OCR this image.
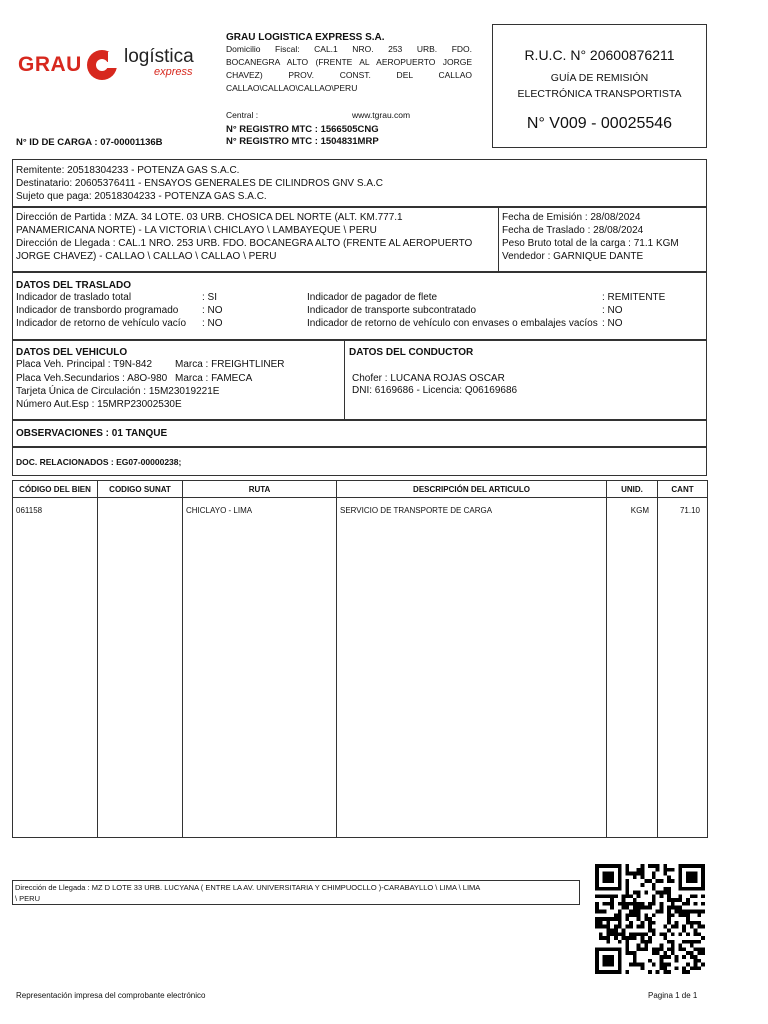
GRAU logística
express
GRAU LOGISTICA EXPRESS S.A.
Domicilio Fiscal: CAL.1 NRO. 253 URB. FDO.
BOCANEGRA ALTO (FRENTE AL AEROPUERTO JORGE
CHAVEZ) PROV. CONST. DEL CALLAO
CALLAO\CALLAO\CALLAO\PERU
Central :	www.tgrau.com
N° REGISTRO MTC : 1566505CNG
N° REGISTRO MTC : 1504831MRP
N° ID DE CARGA : 07-00001136B
R.U.C. N° 20600876211
GUÍA DE REMISIÓN
ELECTRÓNICA TRANSPORTISTA
N° V009 - 00025546
Remitente: 20518304233 - POTENZA GAS S.A.C.
Destinatario: 20605376411 - ENSAYOS GENERALES DE CILINDROS GNV S.A.C
Sujeto que paga: 20518304233 - POTENZA GAS S.A.C.
Dirección de Partida : MZA. 34 LOTE. 03 URB. CHOSICA DEL NORTE (ALT. KM.777.1
PANAMERICANA NORTE) - LA VICTORIA \ CHICLAYO \ LAMBAYEQUE \ PERU
Dirección de Llegada : CAL.1 NRO. 253 URB. FDO. BOCANEGRA ALTO (FRENTE AL AEROPUERTO
JORGE CHAVEZ) - CALLAO \ CALLAO \ CALLAO \ PERU
Fecha de Emisión : 28/08/2024
Fecha de Traslado : 28/08/2024
Peso Bruto total de la carga : 71.1 KGM
Vendedor : GARNIQUE DANTE
DATOS DEL TRASLADO
Indicador de traslado total	: SI
Indicador de transbordo programado : NO
Indicador de retorno de vehículo vacío : NO
Indicador de pagador de flete	: REMITENTE
Indicador de transporte subcontratado	: NO
Indicador de retorno de vehículo con envases o embalajes vacíos : NO
DATOS DEL VEHICULO
Placa Veh. Principal : T9N-842 Marca : FREIGHTLINER
Placa Veh.Secundarios : A8O-980 Marca : FAMECA
Tarjeta Única de Circulación : 15M23019221E
Número Aut.Esp : 15MRP23002530E
DATOS DEL CONDUCTOR
Chofer : LUCANA ROJAS OSCAR
DNI: 6169686 - Licencia: Q06169686
OBSERVACIONES : 01 TANQUE
DOC. RELACIONADOS : EG07-00000238;
CÓDIGO DEL BIEN	CODIGO SUNAT	RUTA	DESCRIPCIÓN DEL ARTICULO	UNID.	CANT
061158		CHICLAYO - LIMA	SERVICIO DE TRANSPORTE DE CARGA	KGM	71.10

Dirección de Llegada : MZ D LOTE 33 URB. LUCYANA ( ENTRE LA AV. UNIVERSITARIA Y CHIMPUOCLLO )-CARABAYLLO \ LIMA \ LIMA
\ PERU
Representación impresa del comprobante electrónico	Pagina 1 de 1
